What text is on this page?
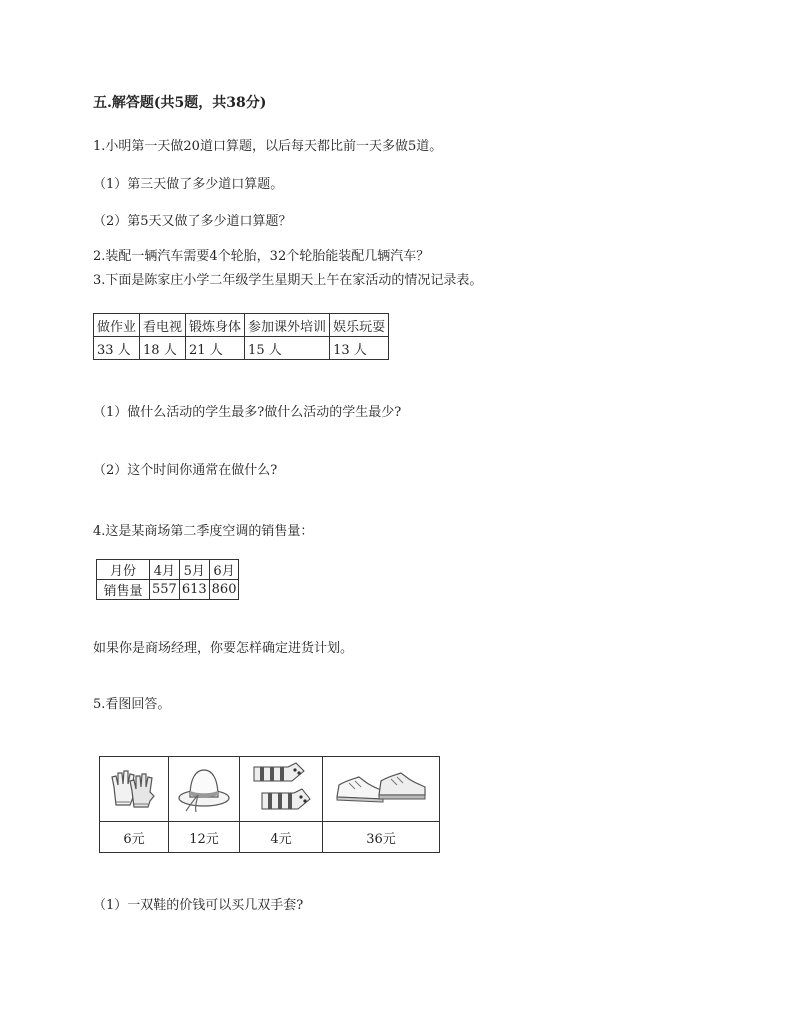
五.解答题(共5题，共38分)
1.小明第一天做20道口算题，以后每天都比前一天多做5道。
（1）第三天做了多少道口算题。
（2）第5天又做了多少道口算题？
2.装配一辆汽车需要4个轮胎，32个轮胎能装配几辆汽车？
3.下面是陈家庄小学二年级学生星期天上午在家活动的情况记录表。
做作业	看电视	锻炼身体	参加课外培训	娱乐玩耍
33 人	18 人	21 人	15 人	13 人
（1）做什么活动的学生最多?做什么活动的学生最少?
（2）这个时间你通常在做什么?
4.这是某商场第二季度空调的销售量：
月份	4月	5月	6月
销售量	557	613	860
如果你是商场经理，你要怎样确定进货计划。
5.看图回答。

6元	12元	4元	36元
（1）一双鞋的价钱可以买几双手套?
